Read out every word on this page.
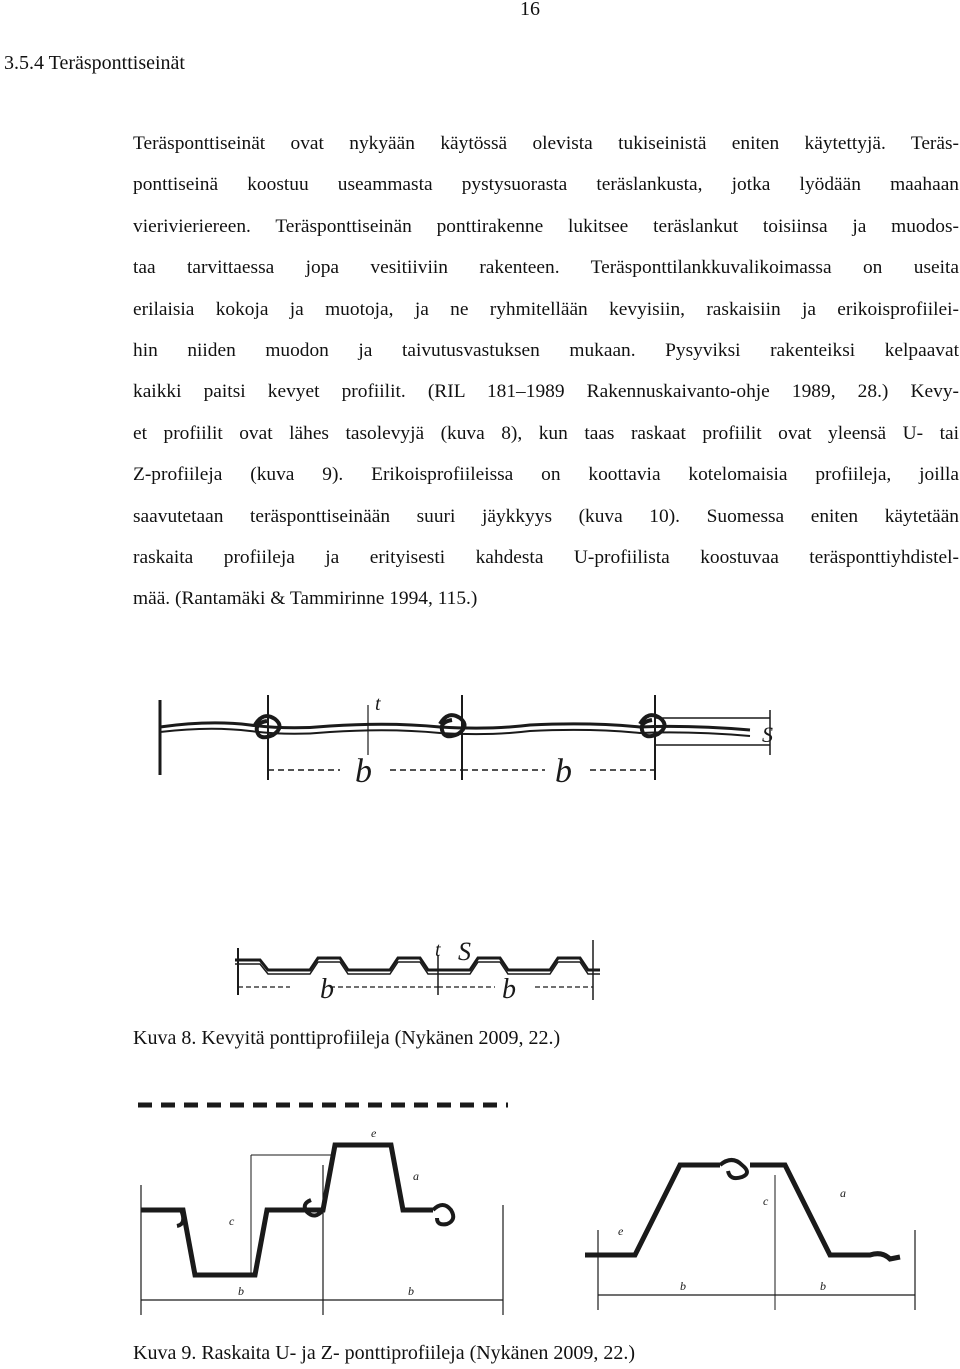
16
3.5.4 Teräsponttiseinät
Teräsponttiseinät ovat nykyään käytössä olevista tukiseinistä eniten käytettyjä. Teräs-
ponttiseinä koostuu useammasta pystysuorasta teräslankusta, jotka lyödään maahaan
vierivieriereen. Teräsponttiseinän ponttirakenne lukitsee teräslankut toisiinsa ja muodos-
taa tarvittaessa jopa vesitiiviin rakenteen. Teräsponttilankkuvalikoimassa on useita
erilaisia kokoja ja muotoja, ja ne ryhmitellään kevyisiin, raskaisiin ja erikoisprofiilei-
hin niiden muodon ja taivutusvastuksen mukaan. Pysyviksi rakenteiksi kelpaavat
kaikki paitsi kevyet profiilit. (RIL 181–1989 Rakennuskaivanto-ohje 1989, 28.) Kevy-
et profiilit ovat lähes tasolevyjä (kuva 8), kun taas raskaat profiilit ovat yleensä U- tai
Z-profiileja (kuva 9). Erikoisprofiileissa on koottavia kotelomaisia profiileja, joilla
saavutetaan teräsponttiseinään suuri jäykkyys (kuva 10). Suomessa eniten käytetään
raskaita profiileja ja erityisesti kahdesta U-profiilista koostuvaa teräsponttiyhdistel-
mää. (Rantamäki & Tammirinne 1994, 115.)
b	b
t
S
b	b
t S
Kuva 8. Kevyitä ponttiprofiileja (Nykänen 2009, 22.)
b	b
c
e
a
b	b
c
e
a
Kuva 9. Raskaita U- ja Z- ponttiprofiileja (Nykänen 2009, 22.)
